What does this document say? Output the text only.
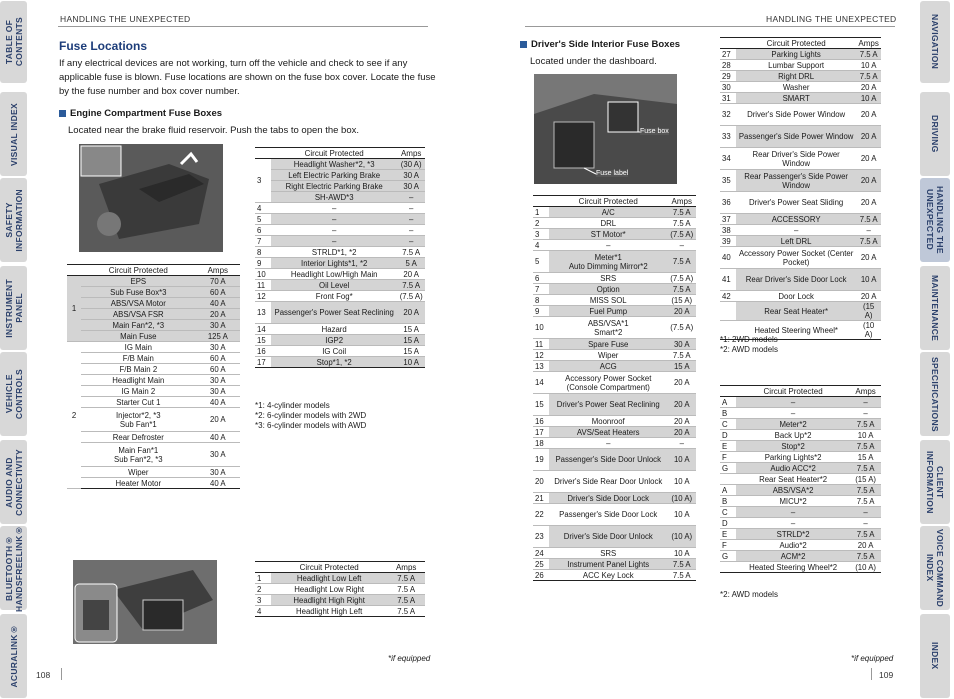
TABLE OF
CONTENTS
VISUAL INDEX
SAFETY
INFORMATION
INSTRUMENT
PANEL
VEHICLE
CONTROLS
AUDIO AND
CONNECTIVITY
BLUETOOTH®
HANDSFREELINK®
ACURALINK®
NAVIGATION
DRIVING
HANDLING THE
UNEXPECTED
MAINTENANCE
SPECIFICATIONS
CLIENT
INFORMATION
VOICE COMMAND
INDEX
INDEX
HANDLING THE UNEXPECTED
Fuse Locations
If any electrical devices are not working, turn off the vehicle and check to see if any applicable fuse is blown. Fuse locations are shown on the fuse box cover. Locate the fuse by the fuse number and box cover number.
Engine Compartment Fuse Boxes
Located near the brake fluid reservoir. Push the tabs to open the box.
HANDLING THE UNEXPECTED
Driver's Side Interior Fuse Boxes
Located under the dashboard.
Fuse box
Fuse label
	Circuit Protected	Amps
1	EPS	70 A
	Sub Fuse Box*3	60 A
	ABS/VSA Motor	40 A
	ABS/VSA FSR	20 A
	Main Fan*2, *3	30 A
	Main Fuse	125 A
2	IG Main	30 A
	F/B Main	60 A
	F/B Main 2	60 A
	Headlight Main	30 A
	IG Main 2	30 A
	Starter Cut 1	40 A
	Injector*2, *3
Sub Fan*1	20 A
	Rear Defroster	40 A
	Main Fan*1
Sub Fan*2, *3	30 A
	Wiper	30 A
	Heater Motor	40 A
	Circuit Protected	Amps
3	Headlight Washer*2, *3	(30 A)
	Left Electric Parking Brake	30 A
	Right Electric Parking Brake	30 A
	SH-AWD*3	–
4	–	–
5	–	–
6	–	–
7	–	–
8	STRLD*1, *2	7.5 A
9	Interior Lights*1, *2	5 A
10	Headlight Low/High Main	20 A
11	Oil Level	7.5 A
12	Front Fog*	(7.5 A)
13	Passenger's Power Seat Reclining	20 A
14	Hazard	15 A
15	IGP2	15 A
16	IG Coil	15 A
17	Stop*1, *2	10 A
*1: 4-cylinder models
*2: 6-cylinder models with 2WD
*3: 6-cylinder models with AWD
	Circuit Protected	Amps
1	Headlight Low Left	7.5 A
2	Headlight Low Right	7.5 A
3	Headlight High Right	7.5 A
4	Headlight High Left	7.5 A
	Circuit Protected	Amps
1	A/C	7.5 A
2	DRL	7.5 A
3	ST Motor*	(7.5 A)
4	–	–
5	Meter*1
Auto Dimming Mirror*2	7.5 A
6	SRS	(7.5 A)
7	Option	7.5 A
8	MISS SOL	(15 A)
9	Fuel Pump	20 A
10	ABS/VSA*1
Smart*2	(7.5 A)
11	Spare Fuse	30 A
12	Wiper	7.5 A
13	ACG	15 A
14	Accessory Power Socket
(Console Compartment)	20 A
15	Driver's Power Seat Reclining	20 A
16	Moonroof	20 A
17	AVS/Seat Heaters	20 A
18	–	–
19	Passenger's Side Door Unlock	10 A
20	Driver's Side Rear Door Unlock	10 A
21	Driver's Side Door Lock	(10 A)
22	Passenger's Side Door Lock	10 A
23	Driver's Side Door Unlock	(10 A)
24	SRS	10 A
25	Instrument Panel Lights	7.5 A
26	ACC Key Lock	7.5 A
	Circuit Protected	Amps
27	Parking Lights	7.5 A
28	Lumbar Support	10 A
29	Right DRL	7.5 A
30	Washer	20 A
31	SMART	10 A
32	Driver's Side Power Window	20 A
33	Passenger's Side Power Window	20 A
34	Rear Driver's Side Power Window	20 A
35	Rear Passenger's Side Power Window	20 A
36	Driver's Power Seat Sliding	20 A
37	ACCESSORY	7.5 A
38	–	–
39	Left DRL	7.5 A
40	Accessory Power Socket (Center Pocket)	20 A
41	Rear Driver's Side Door Lock	10 A
42	Door Lock	20 A
	Rear Seat Heater*	(15 A)
	Heated Steering Wheel*	(10 A)
*1: 2WD models
*2: AWD models
	Circuit Protected	Amps
A	–	–
B	–	–
C	Meter*2	7.5 A
D	Back Up*2	10 A
E	Stop*2	7.5 A
F	Parking Lights*2	15 A
G	Audio ACC*2	7.5 A
	Rear Seat Heater*2	(15 A)
A	ABS/VSA*2	7.5 A
B	MICU*2	7.5 A
C	–	–
D	–	–
E	STRLD*2	7.5 A
F	Audio*2	20 A
G	ACM*2	7.5 A
	Heated Steering Wheel*2	(10 A)
*2: AWD models
*if equipped	*if equipped
108	109
